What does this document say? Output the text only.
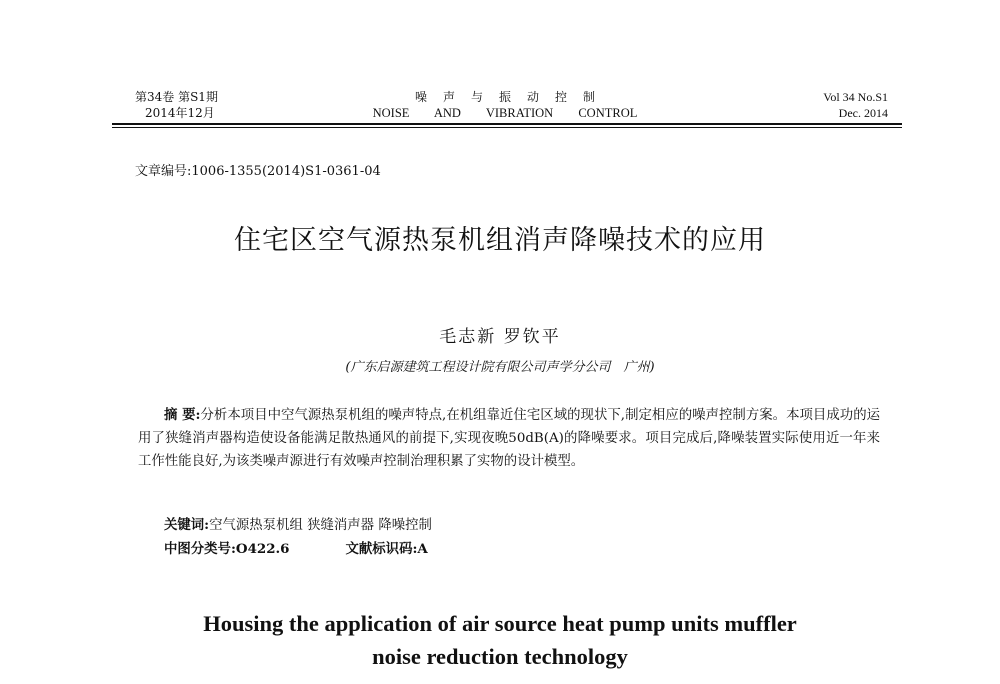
第34卷 第S1期
2014年12月
噪声与振动控制
NOISE AND VIBRATION CONTROL
Vol 34 No.S1
Dec. 2014
文章编号:1006-1355(2014)S1-0361-04
住宅区空气源热泵机组消声降噪技术的应用
毛志新 罗钦平
(广东启源建筑工程设计院有限公司声学分公司　广州)
摘 要:分析本项目中空气源热泵机组的噪声特点,在机组靠近住宅区域的现状下,制定相应的噪声控制方案。本项目成功的运用了狭缝消声器构造使设备能满足散热通风的前提下,实现夜晚50dB(A)的降噪要求。项目完成后,降噪装置实际使用近一年来工作性能良好,为该类噪声源进行有效噪声控制治理积累了实物的设计模型。
关键词:空气源热泵机组 狭缝消声器 降噪控制
中图分类号:O422.6	文献标识码:A
Housing the application of air source heat pump units muffler
noise reduction technology
